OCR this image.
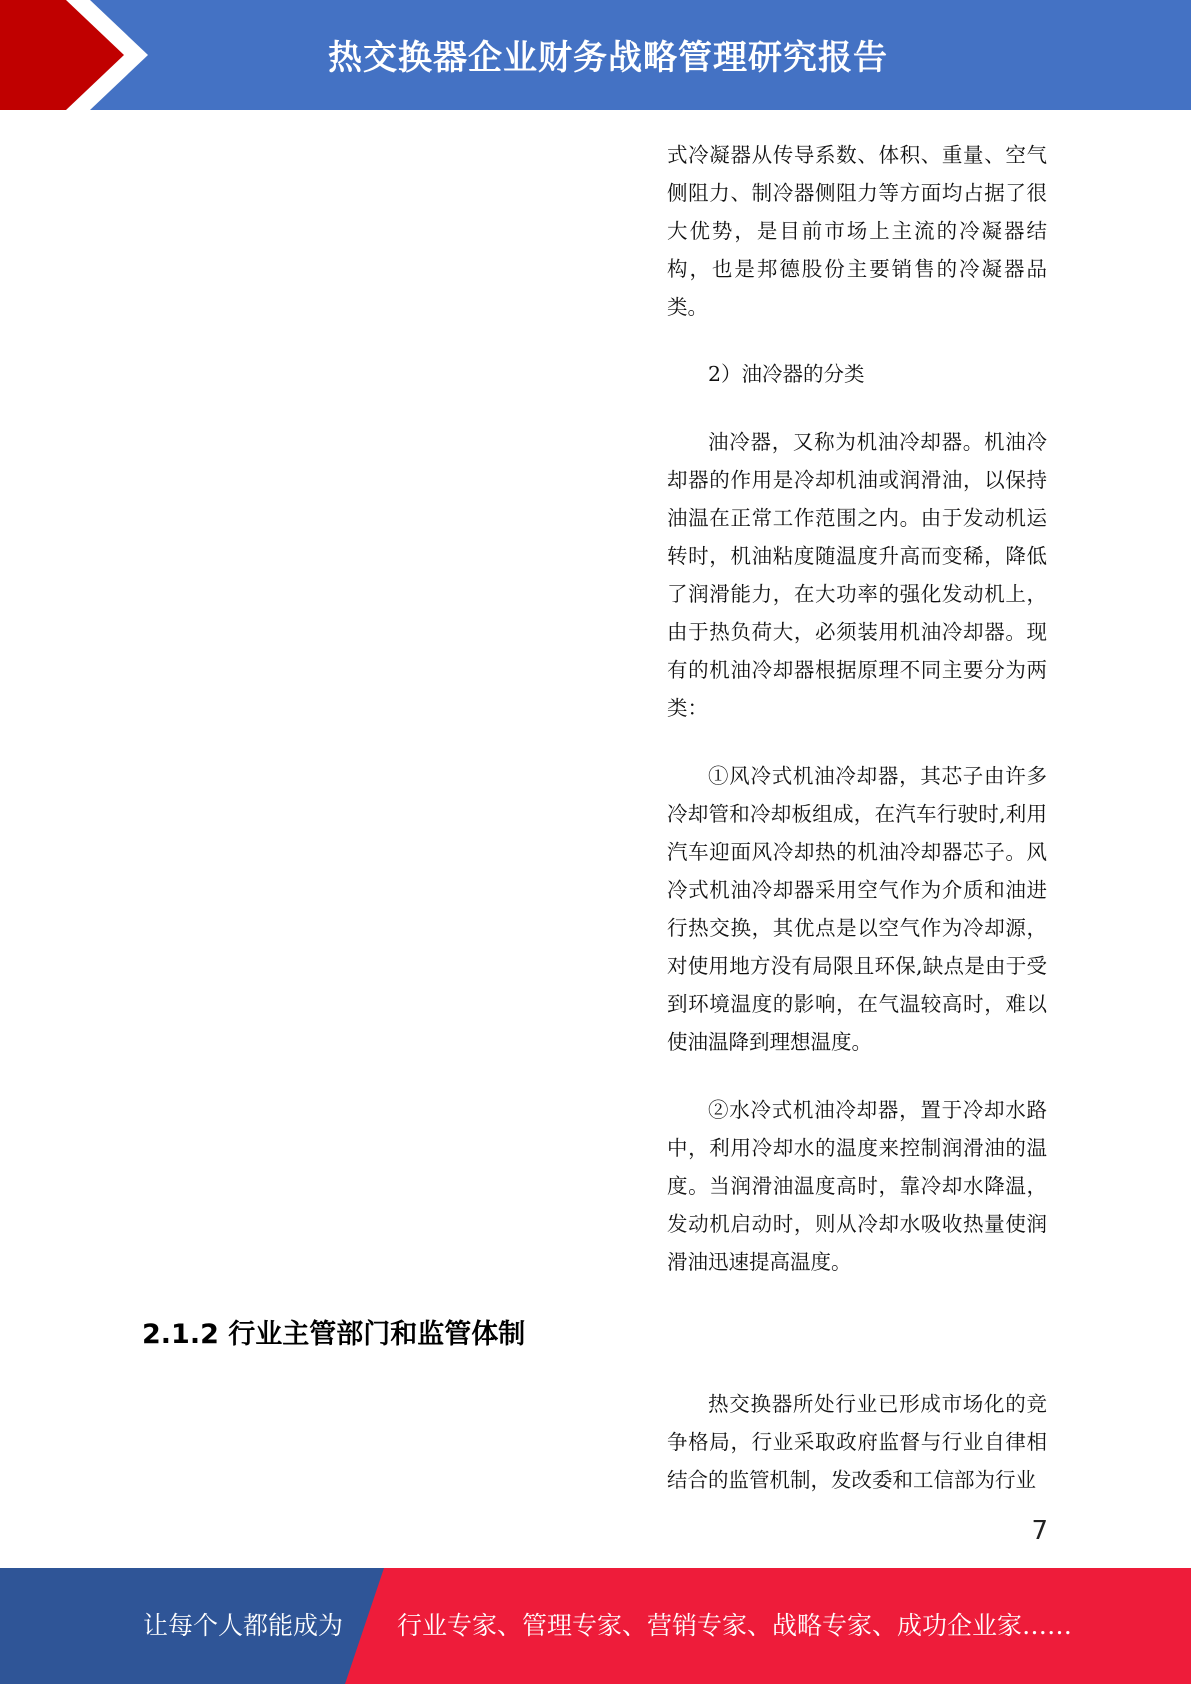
热交换器企业财务战略管理研究报告

式冷凝器从传导系数、体积、重量、空气侧阻力、制冷器侧阻力等方面均占据了很大优势，是目前市场上主流的冷凝器结构，也是邦德股份主要销售的冷凝器品类。

2）油冷器的分类

油冷器，又称为机油冷却器。机油冷却器的作用是冷却机油或润滑油，以保持油温在正常工作范围之内。由于发动机运转时，机油粘度随温度升高而变稀，降低了润滑能力，在大功率的强化发动机上，由于热负荷大，必须装用机油冷却器。现有的机油冷却器根据原理不同主要分为两类：

①风冷式机油冷却器，其芯子由许多冷却管和冷却板组成，在汽车行驶时,利用汽车迎面风冷却热的机油冷却器芯子。风冷式机油冷却器采用空气作为介质和油进行热交换，其优点是以空气作为冷却源，对使用地方没有局限且环保,缺点是由于受到环境温度的影响，在气温较高时，难以使油温降到理想温度。

②水冷式机油冷却器，置于冷却水路中，利用冷却水的温度来控制润滑油的温度。当润滑油温度高时，靠冷却水降温，发动机启动时，则从冷却水吸收热量使润滑油迅速提高温度。

2.1.2 行业主管部门和监管体制

热交换器所处行业已形成市场化的竞争格局，行业采取政府监督与行业自律相结合的监管机制，发改委和工信部为行业

7
让每个人都能成为 行业专家、管理专家、营销专家、战略专家、成功企业家……
